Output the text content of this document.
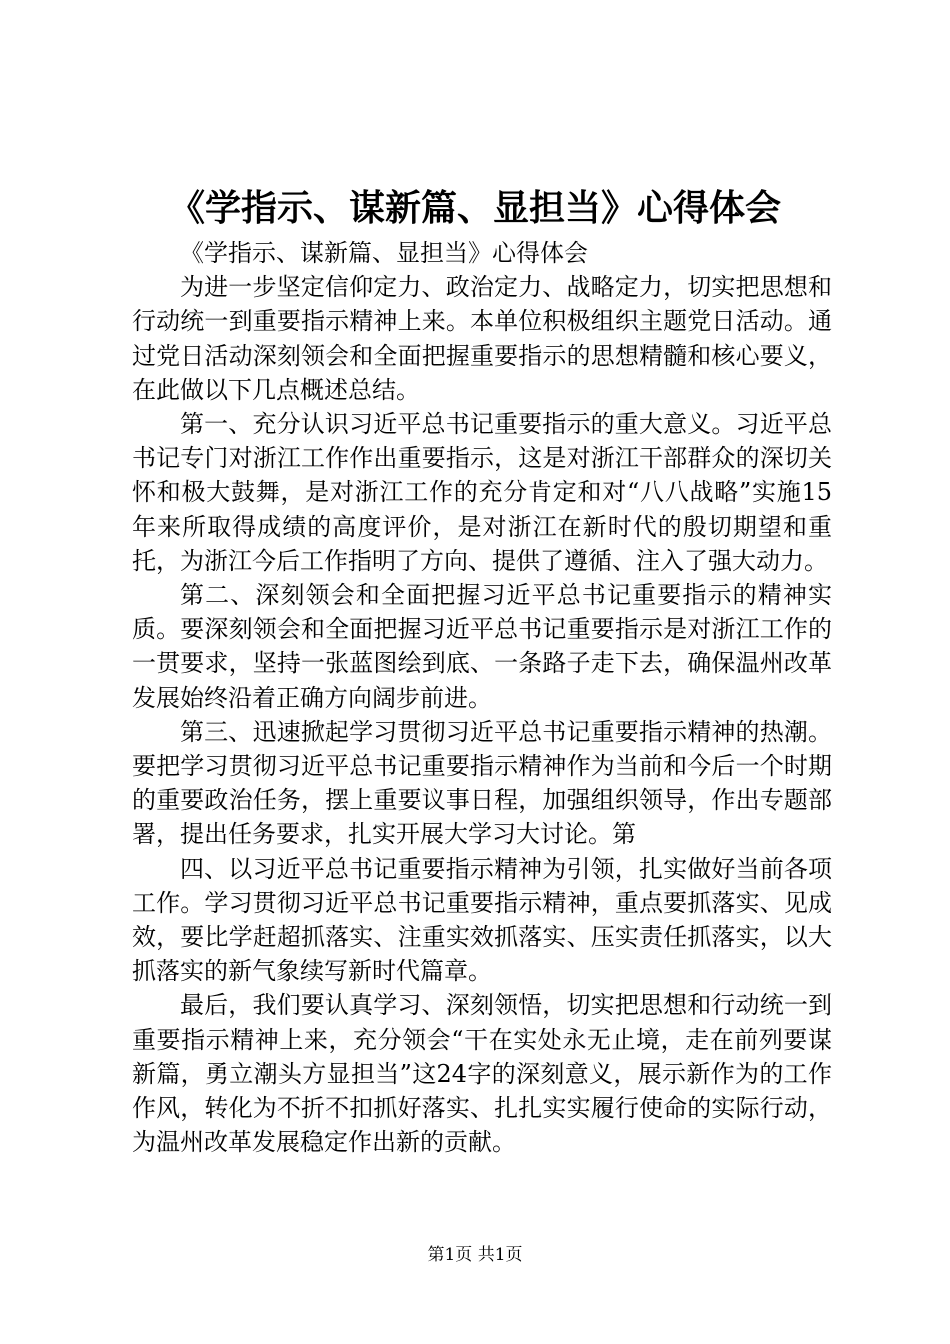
《学指示、谋新篇、显担当》心得体会

《学指示、谋新篇、显担当》心得体会

为进一步坚定信仰定力、政治定力、战略定力，切实把思想和行动统一到重要指示精神上来。本单位积极组织主题党日活动。通过党日活动深刻领会和全面把握重要指示的思想精髓和核心要义，在此做以下几点概述总结。

第一、充分认识习近平总书记重要指示的重大意义。习近平总书记专门对浙江工作作出重要指示，这是对浙江干部群众的深切关怀和极大鼓舞，是对浙江工作的充分肯定和对“八八战略”实施15年来所取得成绩的高度评价，是对浙江在新时代的殷切期望和重托，为浙江今后工作指明了方向、提供了遵循、注入了强大动力。

第二、深刻领会和全面把握习近平总书记重要指示的精神实质。要深刻领会和全面把握习近平总书记重要指示是对浙江工作的一贯要求，坚持一张蓝图绘到底、一条路子走下去，确保温州改革发展始终沿着正确方向阔步前进。

第三、迅速掀起学习贯彻习近平总书记重要指示精神的热潮。要把学习贯彻习近平总书记重要指示精神作为当前和今后一个时期的重要政治任务，摆上重要议事日程，加强组织领导，作出专题部署，提出任务要求，扎实开展大学习大讨论。第

四、以习近平总书记重要指示精神为引领，扎实做好当前各项工作。学习贯彻习近平总书记重要指示精神，重点要抓落实、见成效，要比学赶超抓落实、注重实效抓落实、压实责任抓落实，以大抓落实的新气象续写新时代篇章。

最后，我们要认真学习、深刻领悟，切实把思想和行动统一到重要指示精神上来，充分领会“干在实处永无止境，走在前列要谋新篇，勇立潮头方显担当”这24字的深刻意义，展示新作为的工作作风，转化为不折不扣抓好落实、扎扎实实履行使命的实际行动，为温州改革发展稳定作出新的贡献。

第1页 共1页
